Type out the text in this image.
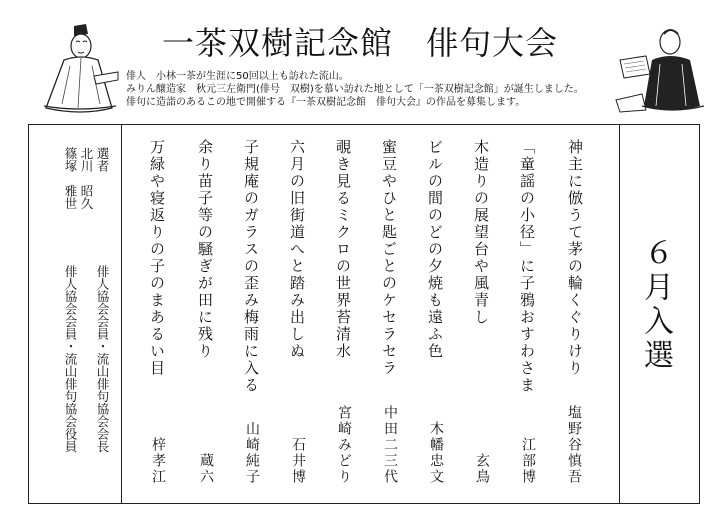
一茶双樹記念館　俳句大会
俳人　小林一茶が生涯に50回以上も訪れた流山。
みりん醸造家　秋元三左衛門(俳号　双樹)を慕い訪れた地として「一茶双樹記念館」が誕生しました。
俳句に造詣のあるこの地で開催する『一茶双樹記念館　俳句大会』の作品を募集します。
選者
北川　昭久
篠塚　雅世
俳人協会会員・流山俳句協会会長
俳人協会会員・流山俳句協会役員	６月入選
神主に倣うて茅の輪くぐりけり
塩野谷慎吾
「童謡の小径」に子鴉おすわさま
江部博
木造りの展望台や風青し
玄鳥
ビルの間のどの夕焼も遠ふ色
木幡忠文
蜜豆やひと匙ごとのケセラセラ
中田二三代
覗き見るミクロの世界苔清水
宮崎みどり
六月の旧街道へと踏み出しぬ
石井博
子規庵のガラスの歪み梅雨に入る
山崎純子
余り苗子等の騒ぎが田に残り
蔵六
万緑や寝返りの子のまあるい目
梓孝江
